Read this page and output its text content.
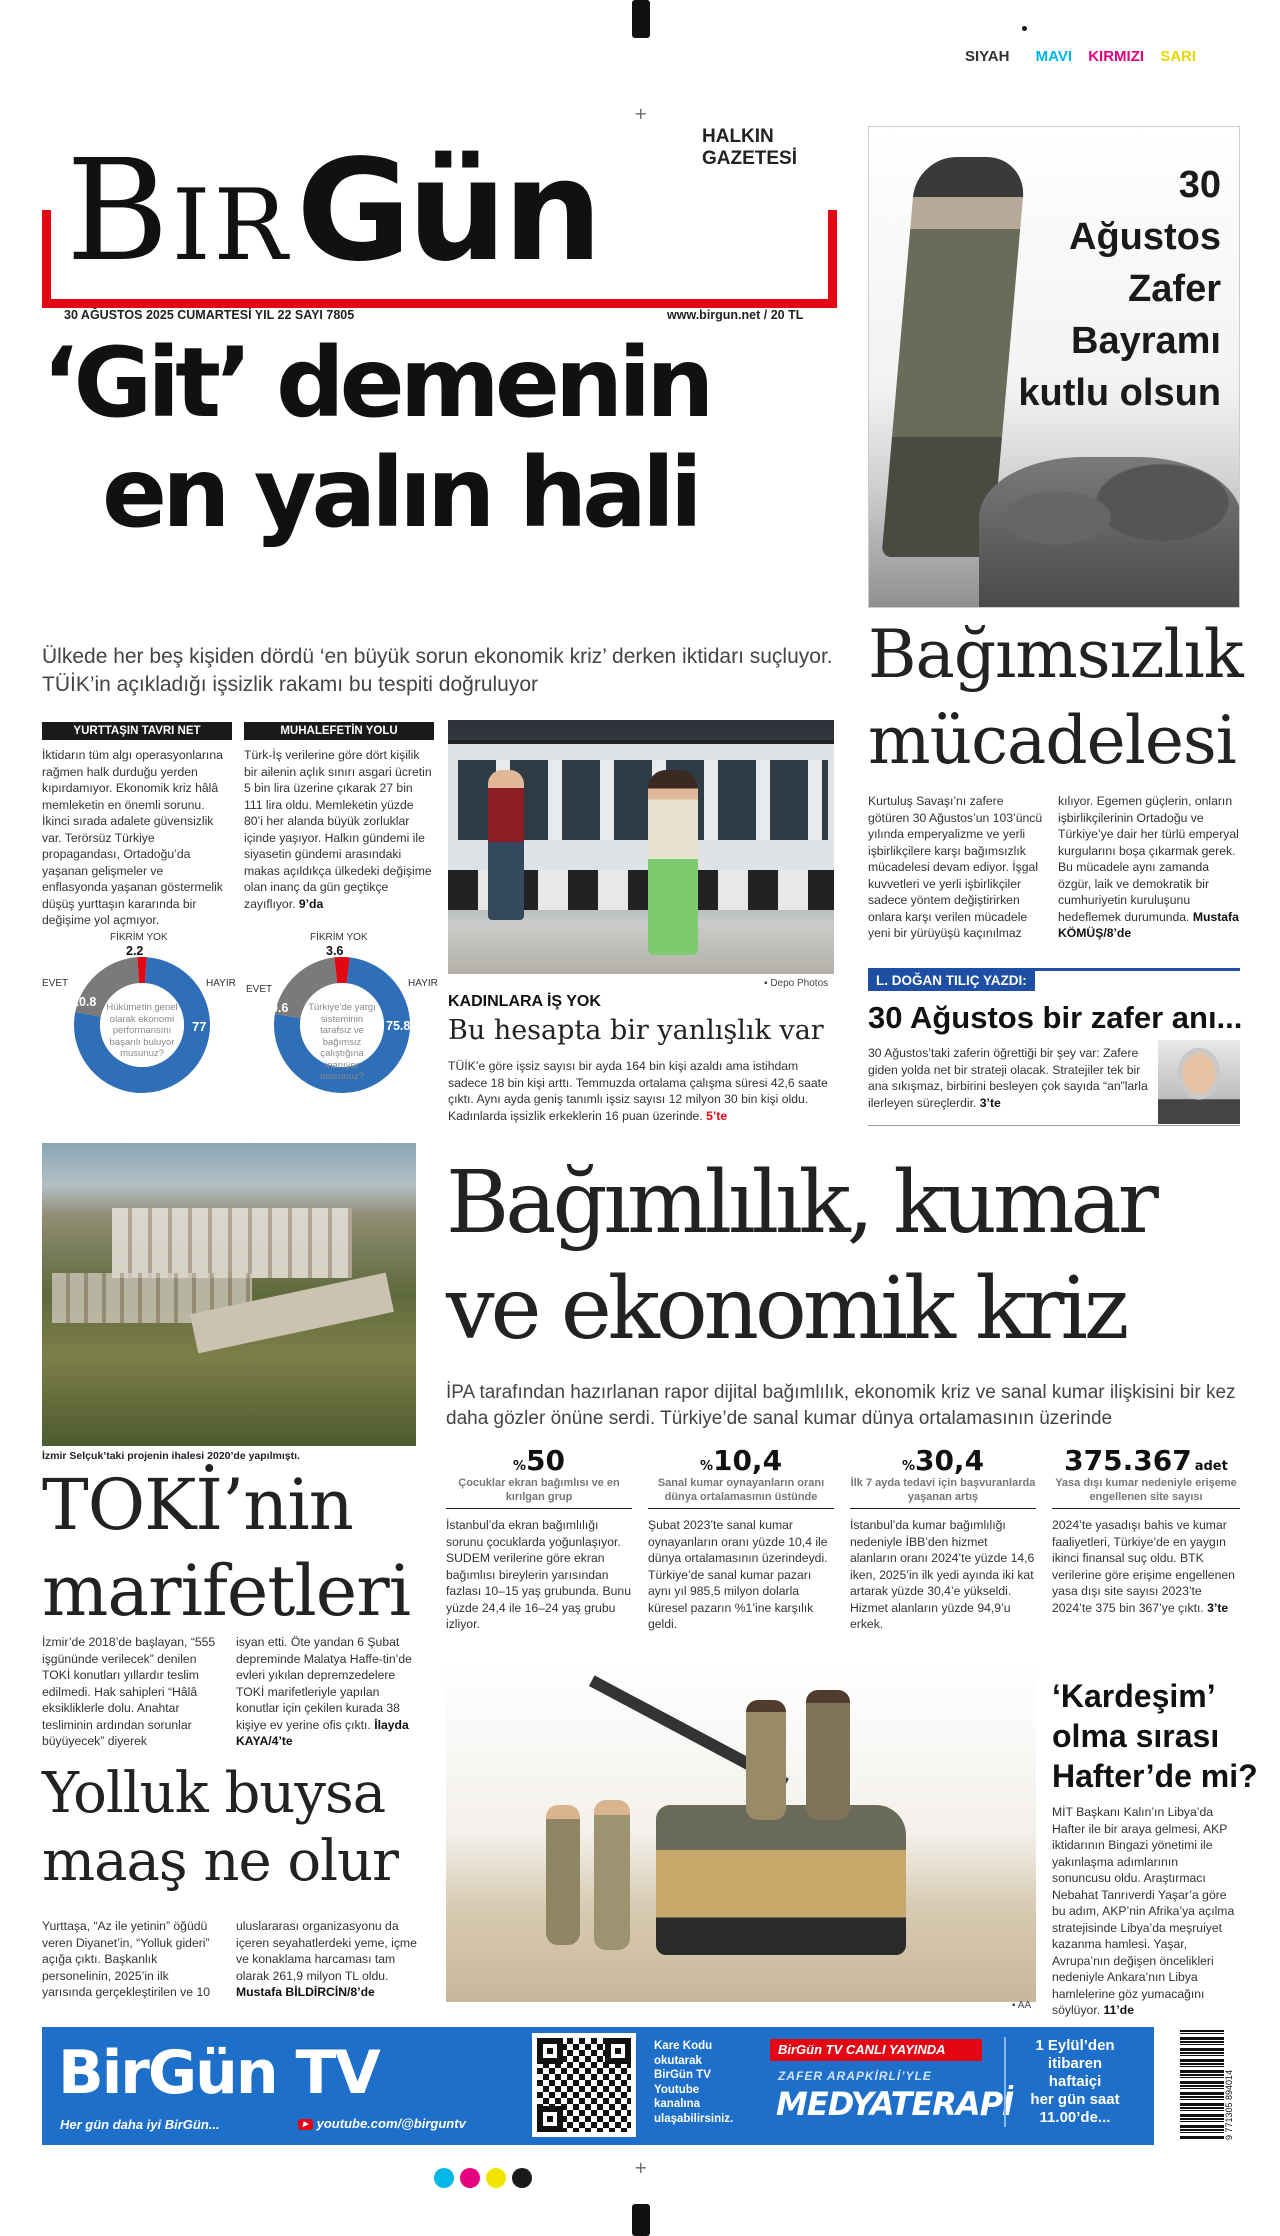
SIYAH MAVI KIRMIZI SARI
+
BirGün	HALKIN GAZETESİ
30 AĞUSTOS 2025 CUMARTESİ YIL 22 SAYI 7805	www.birgun.net / 20 TL
‘Git’ demenin
en yalın hali
Ülkede her beş kişiden dördü ‘en büyük sorun ekonomik kriz’ derken iktidarı suçluyor. TÜİK’in açıkladığı işsizlik rakamı bu tespiti doğruluyor
YURTTAŞIN TAVRI NET
İktidarın tüm algı operasyonlarına rağmen halk durduğu yerden kıpırdamıyor. Ekonomik kriz hâlâ memleketin en önemli sorunu. İkinci sırada adalete güvensizlik var. Terörsüz Türkiye propagandası, Ortadoğu’da yaşanan gelişmeler ve enflasyonda yaşanan göstermelik düşüş yurttaşın kararında bir değişime yol açmıyor.
MUHALEFETİN YOLU
Türk-İş verilerine göre dört kişilik bir ailenin açlık sınırı asgari ücretin 5 bin lira üzerine çıkarak 27 bin 111 lira oldu. Memleketin yüzde 80’i her alanda büyük zorluklar içinde yaşıyor. Halkın gündemi ile siyasetin gündemi arasındaki makas açıldıkça ülkedeki değişime olan inanç da gün geçtikçe zayıflıyor. 9’da
FİKRİM YOK
2.2
EVET
20.8
HAYIR
77
Hükümetin genel olarak ekonomi performansını başarılı buluyor musunuz?
FİKRİM YOK
3.6
EVET
20.6
HAYIR
75.8
Türkiye’de yargı sisteminin tarafsız ve bağımsız çalıştığına inanıyor musunuz?
▪ Depo Photos
KADINLARA İŞ YOK
Bu hesapta bir yanlışlık var
TÜİK’e göre işsiz sayısı bir ayda 164 bin kişi azaldı ama istihdam sadece 18 bin kişi arttı. Temmuzda ortalama çalışma süresi 42,6 saate çıktı. Aynı ayda geniş tanımlı işsiz sayısı 12 milyon 30 bin kişi oldu. Kadınlarda işsizlik erkeklerin 16 puan üzerinde. 5’te
30
Ağustos
Zafer
Bayramı
kutlu olsun
Bağımsızlık
mücadelesi
Kurtuluş Savaşı’nı zafere götüren 30 Ağustos’un 103’üncü yılında emperyalizme ve yerli işbirlikçilere karşı bağımsızlık mücadelesi devam ediyor. İşgal kuvvetleri ve yerli işbirlikçiler sadece yöntem değiştirirken onlara karşı verilen mücadele yeni bir yürüyüşü kaçınılmaz
kılıyor. Egemen güçlerin, onların işbirlikçilerinin Ortadoğu ve Türkiye’ye dair her türlü emperyal kurgularını boşa çıkarmak gerek. Bu mücadele aynı zamanda özgür, laik ve demokratik bir cumhuriyetin kuruluşunu hedeflemek durumunda. Mustafa KÖMÜŞ/8’de
L. DOĞAN TILIÇ YAZDI:
30 Ağustos bir zafer anı...
30 Ağustos’taki zaferin öğrettiği bir şey var: Zafere giden yolda net bir strateji olacak. Stratejiler tek bir ana sıkışmaz, birbirini besleyen çok sayıda “an”larla ilerleyen süreçlerdir. 3’te
İzmir Selçuk’taki projenin ihalesi 2020’de yapılmıştı.
TOKİ’nin
marifetleri
İzmir’de 2018’de başlayan, “555 işgününde verilecek” denilen TOKİ konutları yıllardır teslim edilmedi. Hak sahipleri “Hâlâ eksikliklerle dolu. Anahtar tesliminin ardından sorunlar büyüyecek” diyerek
isyan etti. Öte yandan 6 Şubat depreminde Malatya Haffe-tin’de evleri yıkılan depremzedelere TOKİ marifetleriyle yapılan konutlar için çekilen kurada 38 kişiye ev yerine ofis çıktı. İlayda KAYA/4’te
Yolluk buysa
maaş ne olur
Yurttaşa, “Az ile yetinin” öğüdü veren Diyanet’in, “Yolluk gideri” açığa çıktı. Başkanlık personelinin, 2025’in ilk yarısında gerçekleştirilen ve 10
uluslararası organizasyonu da içeren seyahatlerdeki yeme, içme ve konaklama harcaması tam olarak 261,9 milyon TL oldu. Mustafa BİLDİRCİN/8’de
Bağımlılık, kumar
ve ekonomik kriz
İPA tarafından hazırlanan rapor dijital bağımlılık, ekonomik kriz ve sanal kumar ilişkisini bir kez daha gözler önüne serdi. Türkiye’de sanal kumar dünya ortalamasının üzerinde
%50
Çocuklar ekran bağımlısı ve en kırılgan grup
İstanbul’da ekran bağımlılığı sorunu çocuklarda yoğunlaşıyor. SUDEM verilerine göre ekran bağımlısı bireylerin yarısından fazlası 10–15 yaş grubunda. Bunu yüzde 24,4 ile 16–24 yaş grubu izliyor.
%10,4
Sanal kumar oynayanların oranı dünya ortalamasının üstünde
Şubat 2023’te sanal kumar oynayanların oranı yüzde 10,4 ile dünya ortalamasının üzerindeydi. Türkiye’de sanal kumar pazarı aynı yıl 985,5 milyon dolarla küresel pazarın %1’ine karşılık geldi.
%30,4
İlk 7 ayda tedavi için başvuranlarda yaşanan artış
İstanbul’da kumar bağımlılığı nedeniyle İBB’den hizmet alanların oranı 2024’te yüzde 14,6 iken, 2025’in ilk yedi ayında iki kat artarak yüzde 30,4’e yükseldi. Hizmet alanların yüzde 94,9’u erkek.
375.367 adet
Yasa dışı kumar nedeniyle erişeme engellenen site sayısı
2024’te yasadışı bahis ve kumar faaliyetleri, Türkiye’de en yaygın ikinci finansal suç oldu. BTK verilerine göre erişime engellenen yasa dışı site sayısı 2023’te 2024’te 375 bin 367’ye çıktı. 3’te
▪ AA
‘Kardeşim’
olma sırası
Hafter’de mi?
MİT Başkanı Kalın’ın Libya’da Hafter ile bir araya gelmesi, AKP iktidarının Bingazi yönetimi ile yakınlaşma adımlarının sonuncusu oldu. Araştırmacı Nebahat Tanrıverdi Yaşar’a göre bu adım, AKP’nin Afrika’ya açılma stratejisinde Libya’da meşruiyet kazanma hamlesi. Yaşar, Avrupa’nın değişen öncelikleri nedeniyle Ankara’nın Libya hamlelerine göz yumacağını söylüyor. 11’de
BirGün TV
Her gün daha iyi BirGün...	▶ youtube.com/@birguntv
Kare Kodu
okutarak
BirGün TV
Youtube
kanalına
ulaşabilirsiniz.
BirGün TV CANLI YAYINDA
ZAFER ARAPKİRLİ’YLE
MEDYATERAPİ
1 Eylül’den
itibaren
haftaiçi
her gün saat
11.00’de...	9 771305 894014
+
